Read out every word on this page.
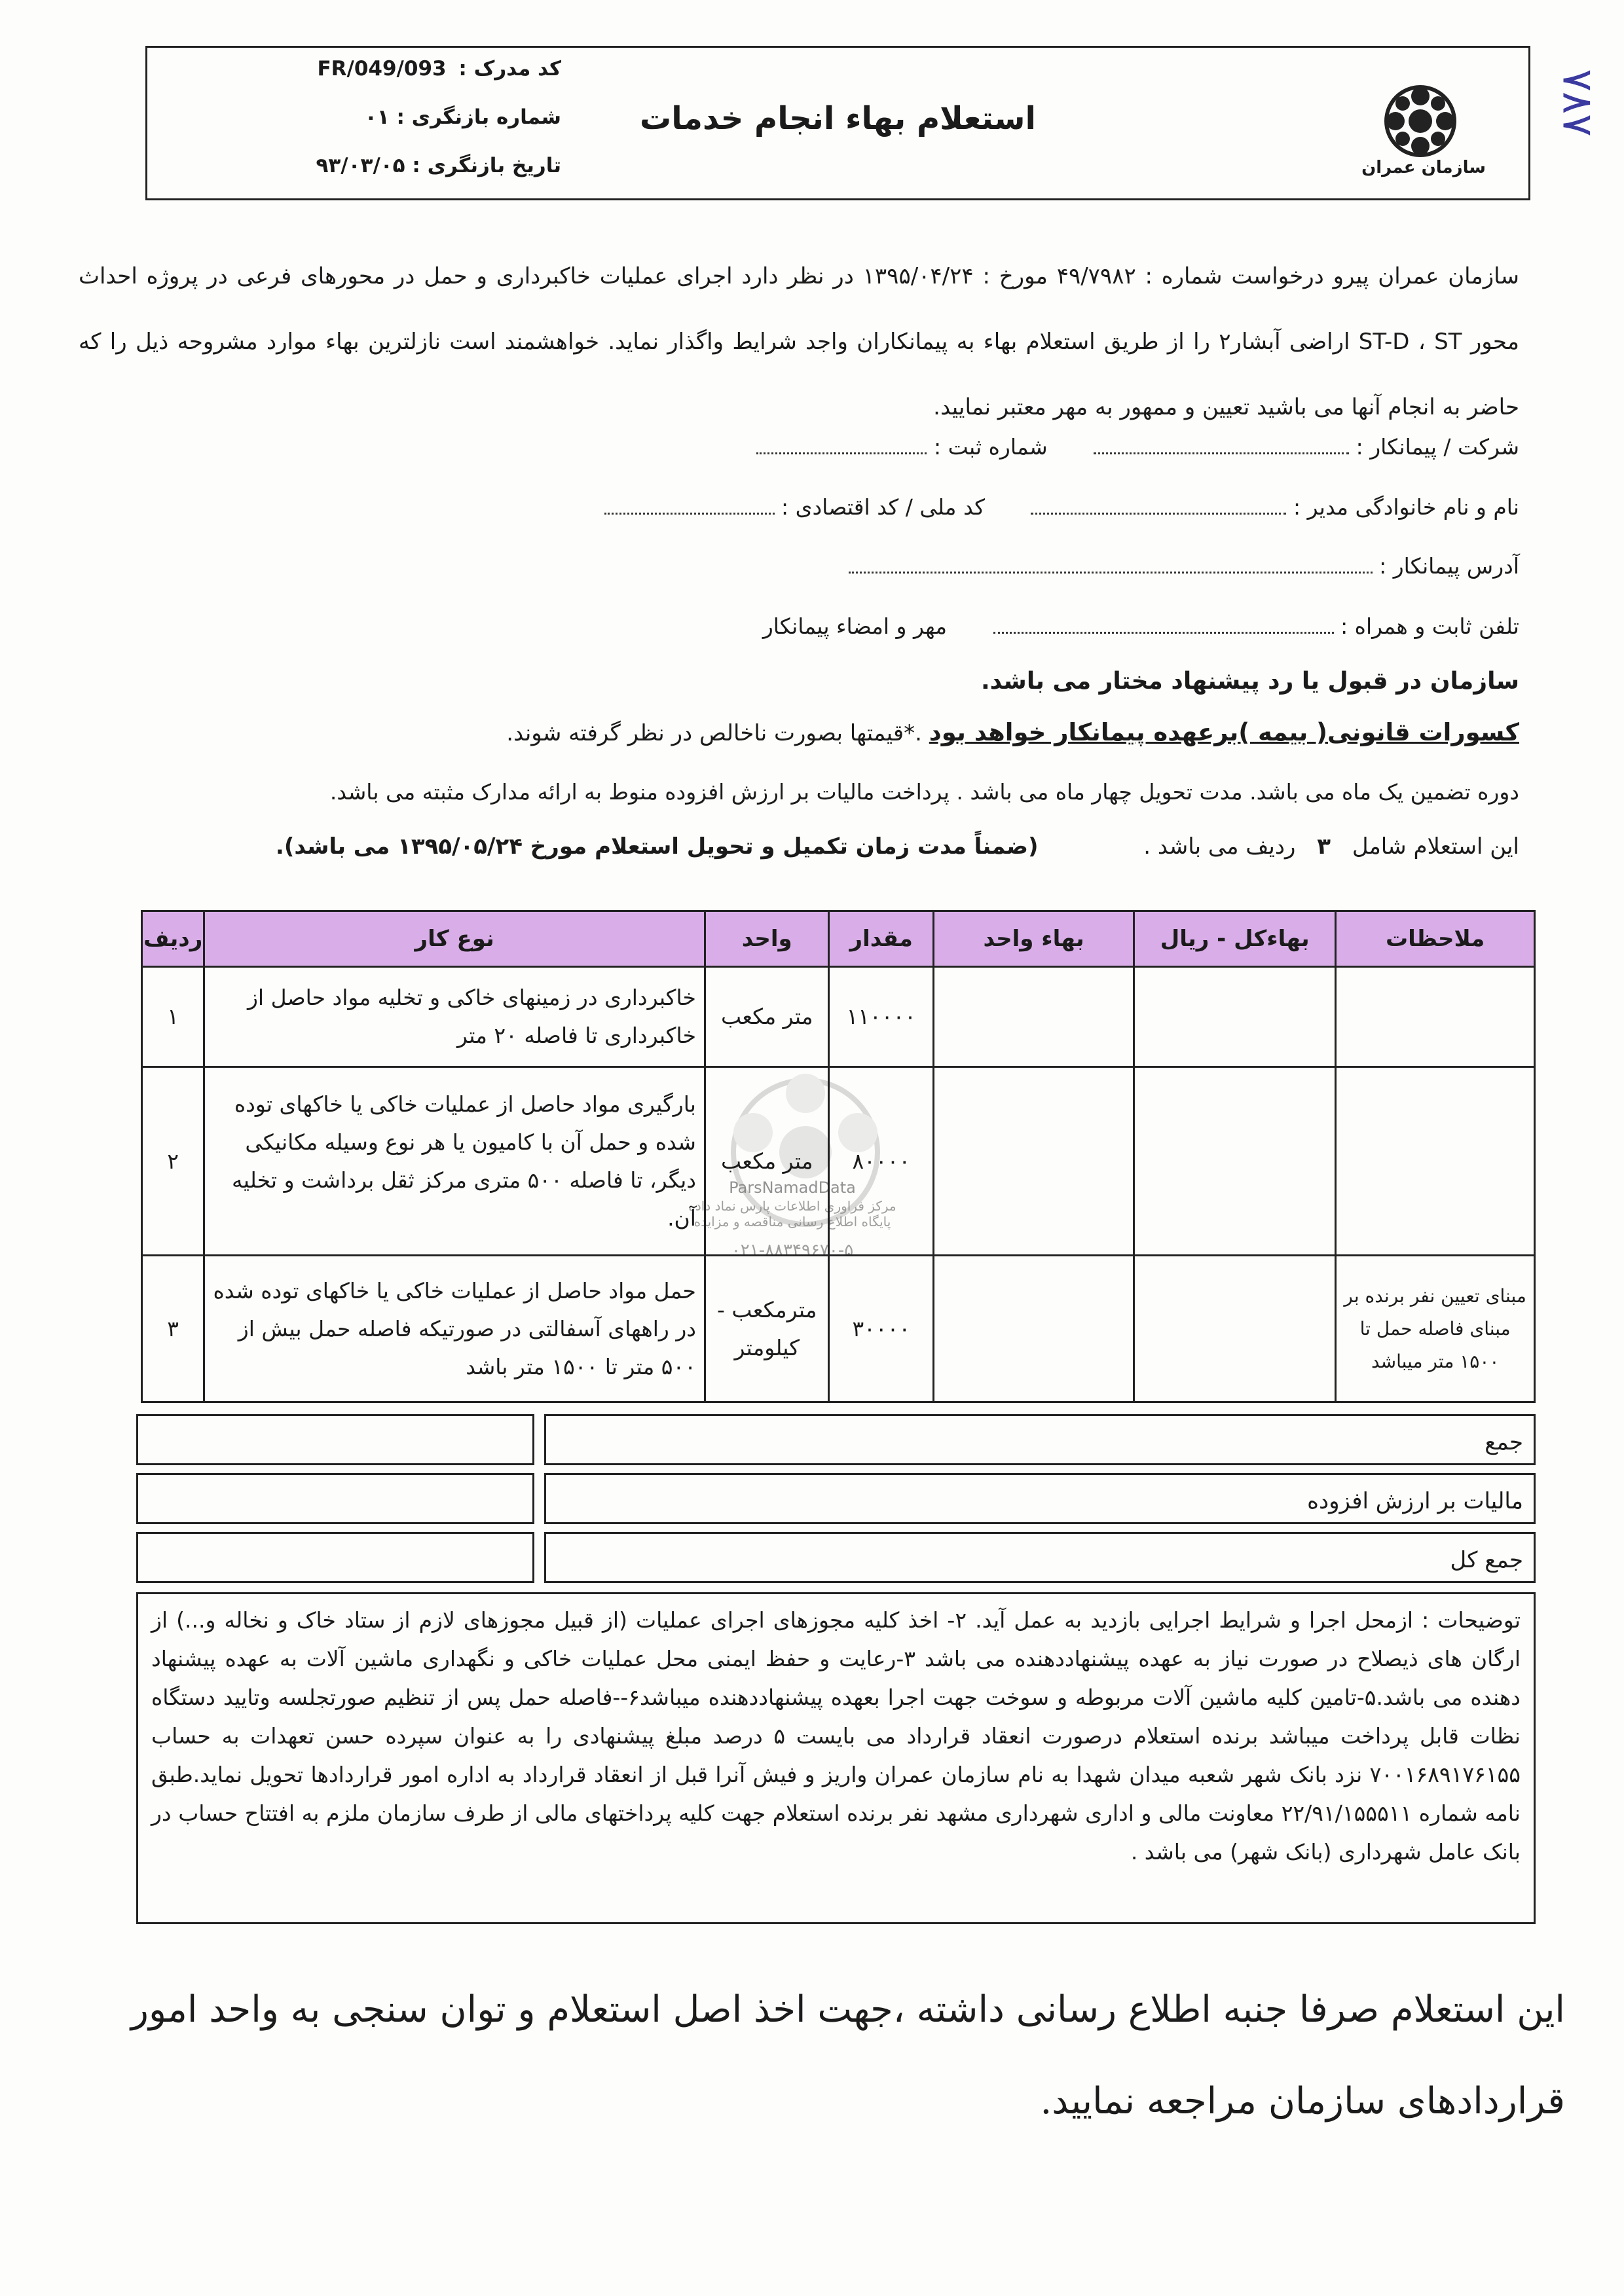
سازمان عمران
استعلام بهاء انجام خدمات
کد مدرک : FR/049/093
شماره بازنگری : ۰۱
تاریخ بازنگری : ۹۳/۰۳/۰۵
۷۸۷
سازمان عمران پیرو درخواست شماره : ۴۹/۷۹۸۲ مورخ : ۱۳۹۵/۰۴/۲۴ در نظر دارد اجرای عملیات خاکبرداری و حمل در محورهای فرعی در پروژه احداث محور ST-D ، ST اراضی آبشار۲ را از طریق استعلام بهاء به پیمانکاران واجد شرایط واگذار نماید. خواهشمند است نازلترین بهاء موارد مشروحه ذیل را که حاضر به انجام آنها می باشید تعیین و ممهور به مهر معتبر نمایید.
شرکت / پیمانکار :  شماره ثبت :
نام و نام خانوادگی مدیر :  کد ملی / کد اقتصادی :
آدرس پیمانکار :
تلفن ثابت و همراه :  مهر و امضاء پیمانکار
سازمان در قبول یا رد پیشنهاد مختار می باشد.
کسورات قانونی( بیمه )برعهده پیمانکار خواهد بود .*قیمتها بصورت ناخالص در نظر گرفته شوند.
دوره تضمین یک ماه می باشد. مدت تحویل چهار ماه می باشد . پرداخت مالیات بر ارزش افزوده منوط به ارائه مدارک مثبته می باشد.
این استعلام شامل ۳ ردیف می باشد . (ضمناً مدت زمان تکمیل و تحویل استعلام مورخ ۱۳۹۵/۰۵/۲۴ می باشد).
ParsNamadData
مرکز فراوری اطلاعات پارس نماد داده
پایگاه اطلاع رسانی مناقصه و مزایده
۰۲۱-۸۸۳۴۹۶۷۰-۵
ملاحظات	بهاءکل - ریال	بهاء واحد	مقدار	واحد	نوع کار	ردیف
			۱۱۰۰۰۰	متر مکعب	خاکبرداری در زمینهای خاکی و تخلیه مواد حاصل از خاکبرداری تا فاصله ۲۰ متر	۱
			۸۰۰۰۰	متر مکعب	بارگیری مواد حاصل از عملیات خاکی یا خاکهای توده شده و حمل آن با کامیون یا هر نوع وسیله مکانیکی دیگر، تا فاصله ۵۰۰ متری مرکز ثقل برداشت و تخلیه آن.	۲
مبنای تعیین نفر برنده بر مبنای فاصله حمل تا ۱۵۰۰ متر میباشد			۳۰۰۰۰	مترمکعب - کیلومتر	حمل مواد حاصل از عملیات خاکی یا خاکهای توده شده در راههای آسفالتی در صورتیکه فاصله حمل بیش از ۵۰۰ متر تا ۱۵۰۰ متر باشد	۳
جمع
مالیات بر ارزش افزوده
جمع کل
توضیحات : ازمحل اجرا و شرایط اجرایی بازدید به عمل آید. ۲- اخذ کلیه مجوزهای اجرای عملیات (از قبیل مجوزهای لازم از ستاد خاک و نخاله و...) از ارگان های ذیصلاح در صورت نیاز به عهده پیشنهاددهنده می باشد ۳-رعایت و حفظ ایمنی محل عملیات خاکی و نگهداری ماشین آلات به عهده پیشنهاد دهنده می باشد.۵-تامین کلیه ماشین آلات مربوطه و سوخت جهت اجرا بعهده پیشنهاددهنده میباشد۶--فاصله حمل پس از تنظیم صورتجلسه وتایید دستگاه نظات قابل پرداخت میباشد برنده استعلام درصورت انعقاد قرارداد می بایست ۵ درصد مبلغ پیشنهادی را به عنوان سپرده حسن تعهدات به حساب ۷۰۰۱۶۸۹۱۷۶۱۵۵ نزد بانک شهر شعبه میدان شهدا به نام سازمان عمران واریز و فیش آنرا قبل از انعقاد قرارداد به اداره امور قراردادها تحویل نماید.طبق نامه شماره ۲۲/۹۱/۱۵۵۵۱۱ معاونت مالی و اداری شهرداری مشهد نفر برنده استعلام جهت کلیه پرداختهای مالی از طرف سازمان ملزم به افتتاح حساب در بانک عامل شهرداری (بانک شهر) می باشد .
این استعلام صرفا جنبه اطلاع رسانی داشته ،جهت اخذ اصل استعلام و توان سنجی به واحد امور قراردادهای سازمان مراجعه نمایید.
